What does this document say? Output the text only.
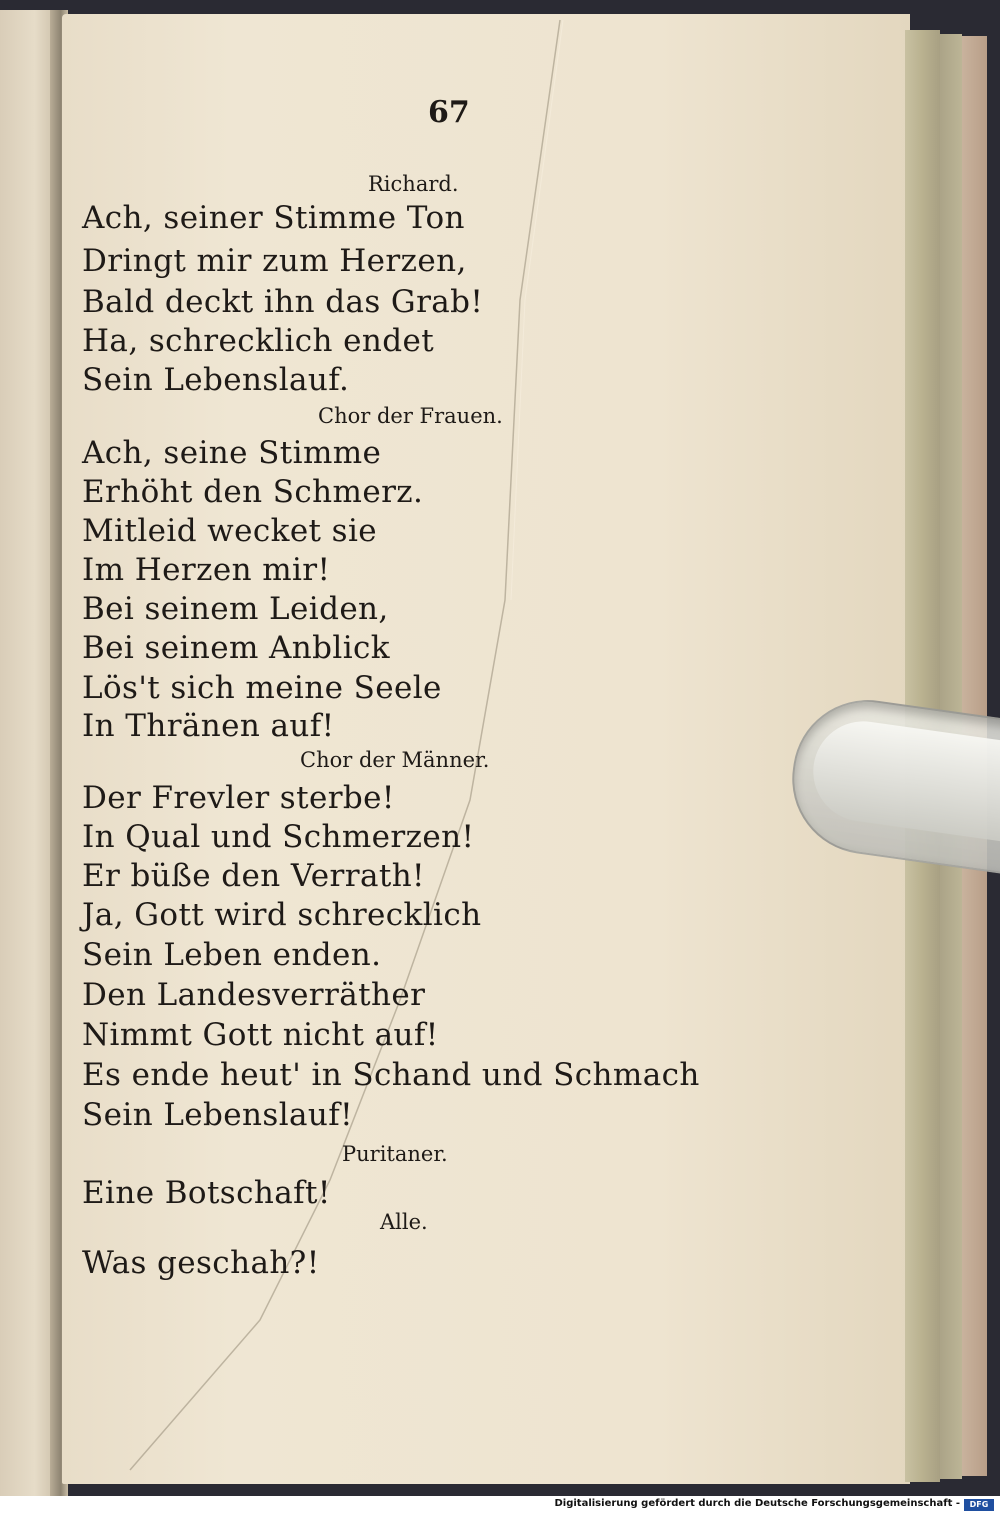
67
Richard.
Ach, seiner Stimme Ton
Dringt mir zum Herzen,
Bald deckt ihn das Grab!
Ha, schrecklich endet
Sein Lebenslauf.
Chor der Frauen.
Ach, seine Stimme
Erhöht den Schmerz.
Mitleid wecket sie
Im Herzen mir!
Bei seinem Leiden,
Bei seinem Anblick
Lös't sich meine Seele
In Thränen auf!
Chor der Männer.
Der Frevler sterbe!
In Qual und Schmerzen!
Er büße den Verrath!
Ja, Gott wird schrecklich
Sein Leben enden.
Den Landesverräther
Nimmt Gott nicht auf!
Es ende heut' in Schand und Schmach
Sein Lebenslauf!
Puritaner.
Eine Botschaft!
Alle.
Was geschah?!
Digitalisierung gefördert durch die Deutsche Forschungsgemeinschaft -	DFG
